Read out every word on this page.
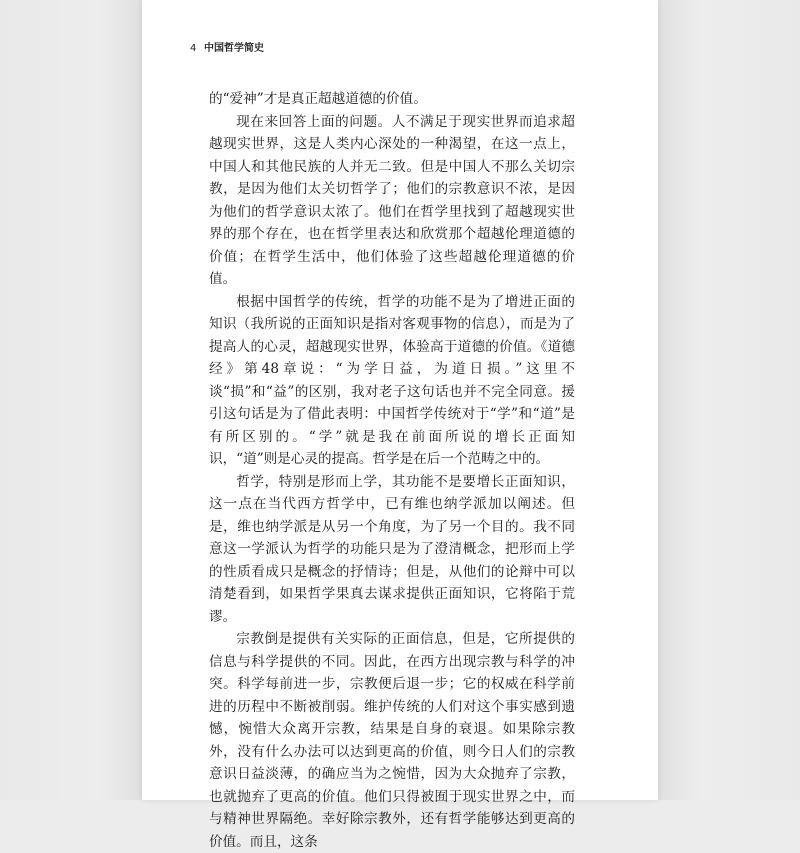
4 中国哲学简史

的“爱神”才是真正超越道德的价值。

现在来回答上面的问题。人不满足于现实世界而追求超越现实世界，这是人类内心深处的一种渴望，在这一点上，中国人和其他民族的人并无二致。但是中国人不那么关切宗教，是因为他们太关切哲学了；他们的宗教意识不浓，是因为他们的哲学意识太浓了。他们在哲学里找到了超越现实世界的那个存在，也在哲学里表达和欣赏那个超越伦理道德的价值；在哲学生活中，他们体验了这些超越伦理道德的价值。

根据中国哲学的传统，哲学的功能不是为了增进正面的知识（我所说的正面知识是指对客观事物的信息），而是为了提高人的心灵，超越现实世界，体验高于道德的价值。《道德经》第48章说：“为学日益，为道日损。”这里不谈“损”和“益”的区别，我对老子这句话也并不完全同意。援引这句话是为了借此表明：中国哲学传统对于“学”和“道”是有所区别的。“学”就是我在前面所说的增长正面知识，“道”则是心灵的提高。哲学是在后一个范畴之中的。

哲学，特别是形而上学，其功能不是要增长正面知识，这一点在当代西方哲学中，已有维也纳学派加以阐述。但是，维也纳学派是从另一个角度，为了另一个目的。我不同意这一学派认为哲学的功能只是为了澄清概念，把形而上学的性质看成只是概念的抒情诗；但是，从他们的论辩中可以清楚看到，如果哲学果真去谋求提供正面知识，它将陷于荒谬。

宗教倒是提供有关实际的正面信息，但是，它所提供的信息与科学提供的不同。因此，在西方出现宗教与科学的冲突。科学每前进一步，宗教便后退一步；它的权威在科学前进的历程中不断被削弱。维护传统的人们对这个事实感到遗憾，惋惜大众离开宗教，结果是自身的衰退。如果除宗教外，没有什么办法可以达到更高的价值，则今日人们的宗教意识日益淡薄，的确应当为之惋惜，因为大众抛弃了宗教，也就抛弃了更高的价值。他们只得被囿于现实世界之中，而与精神世界隔绝。幸好除宗教外，还有哲学能够达到更高的价值。而且，这条
